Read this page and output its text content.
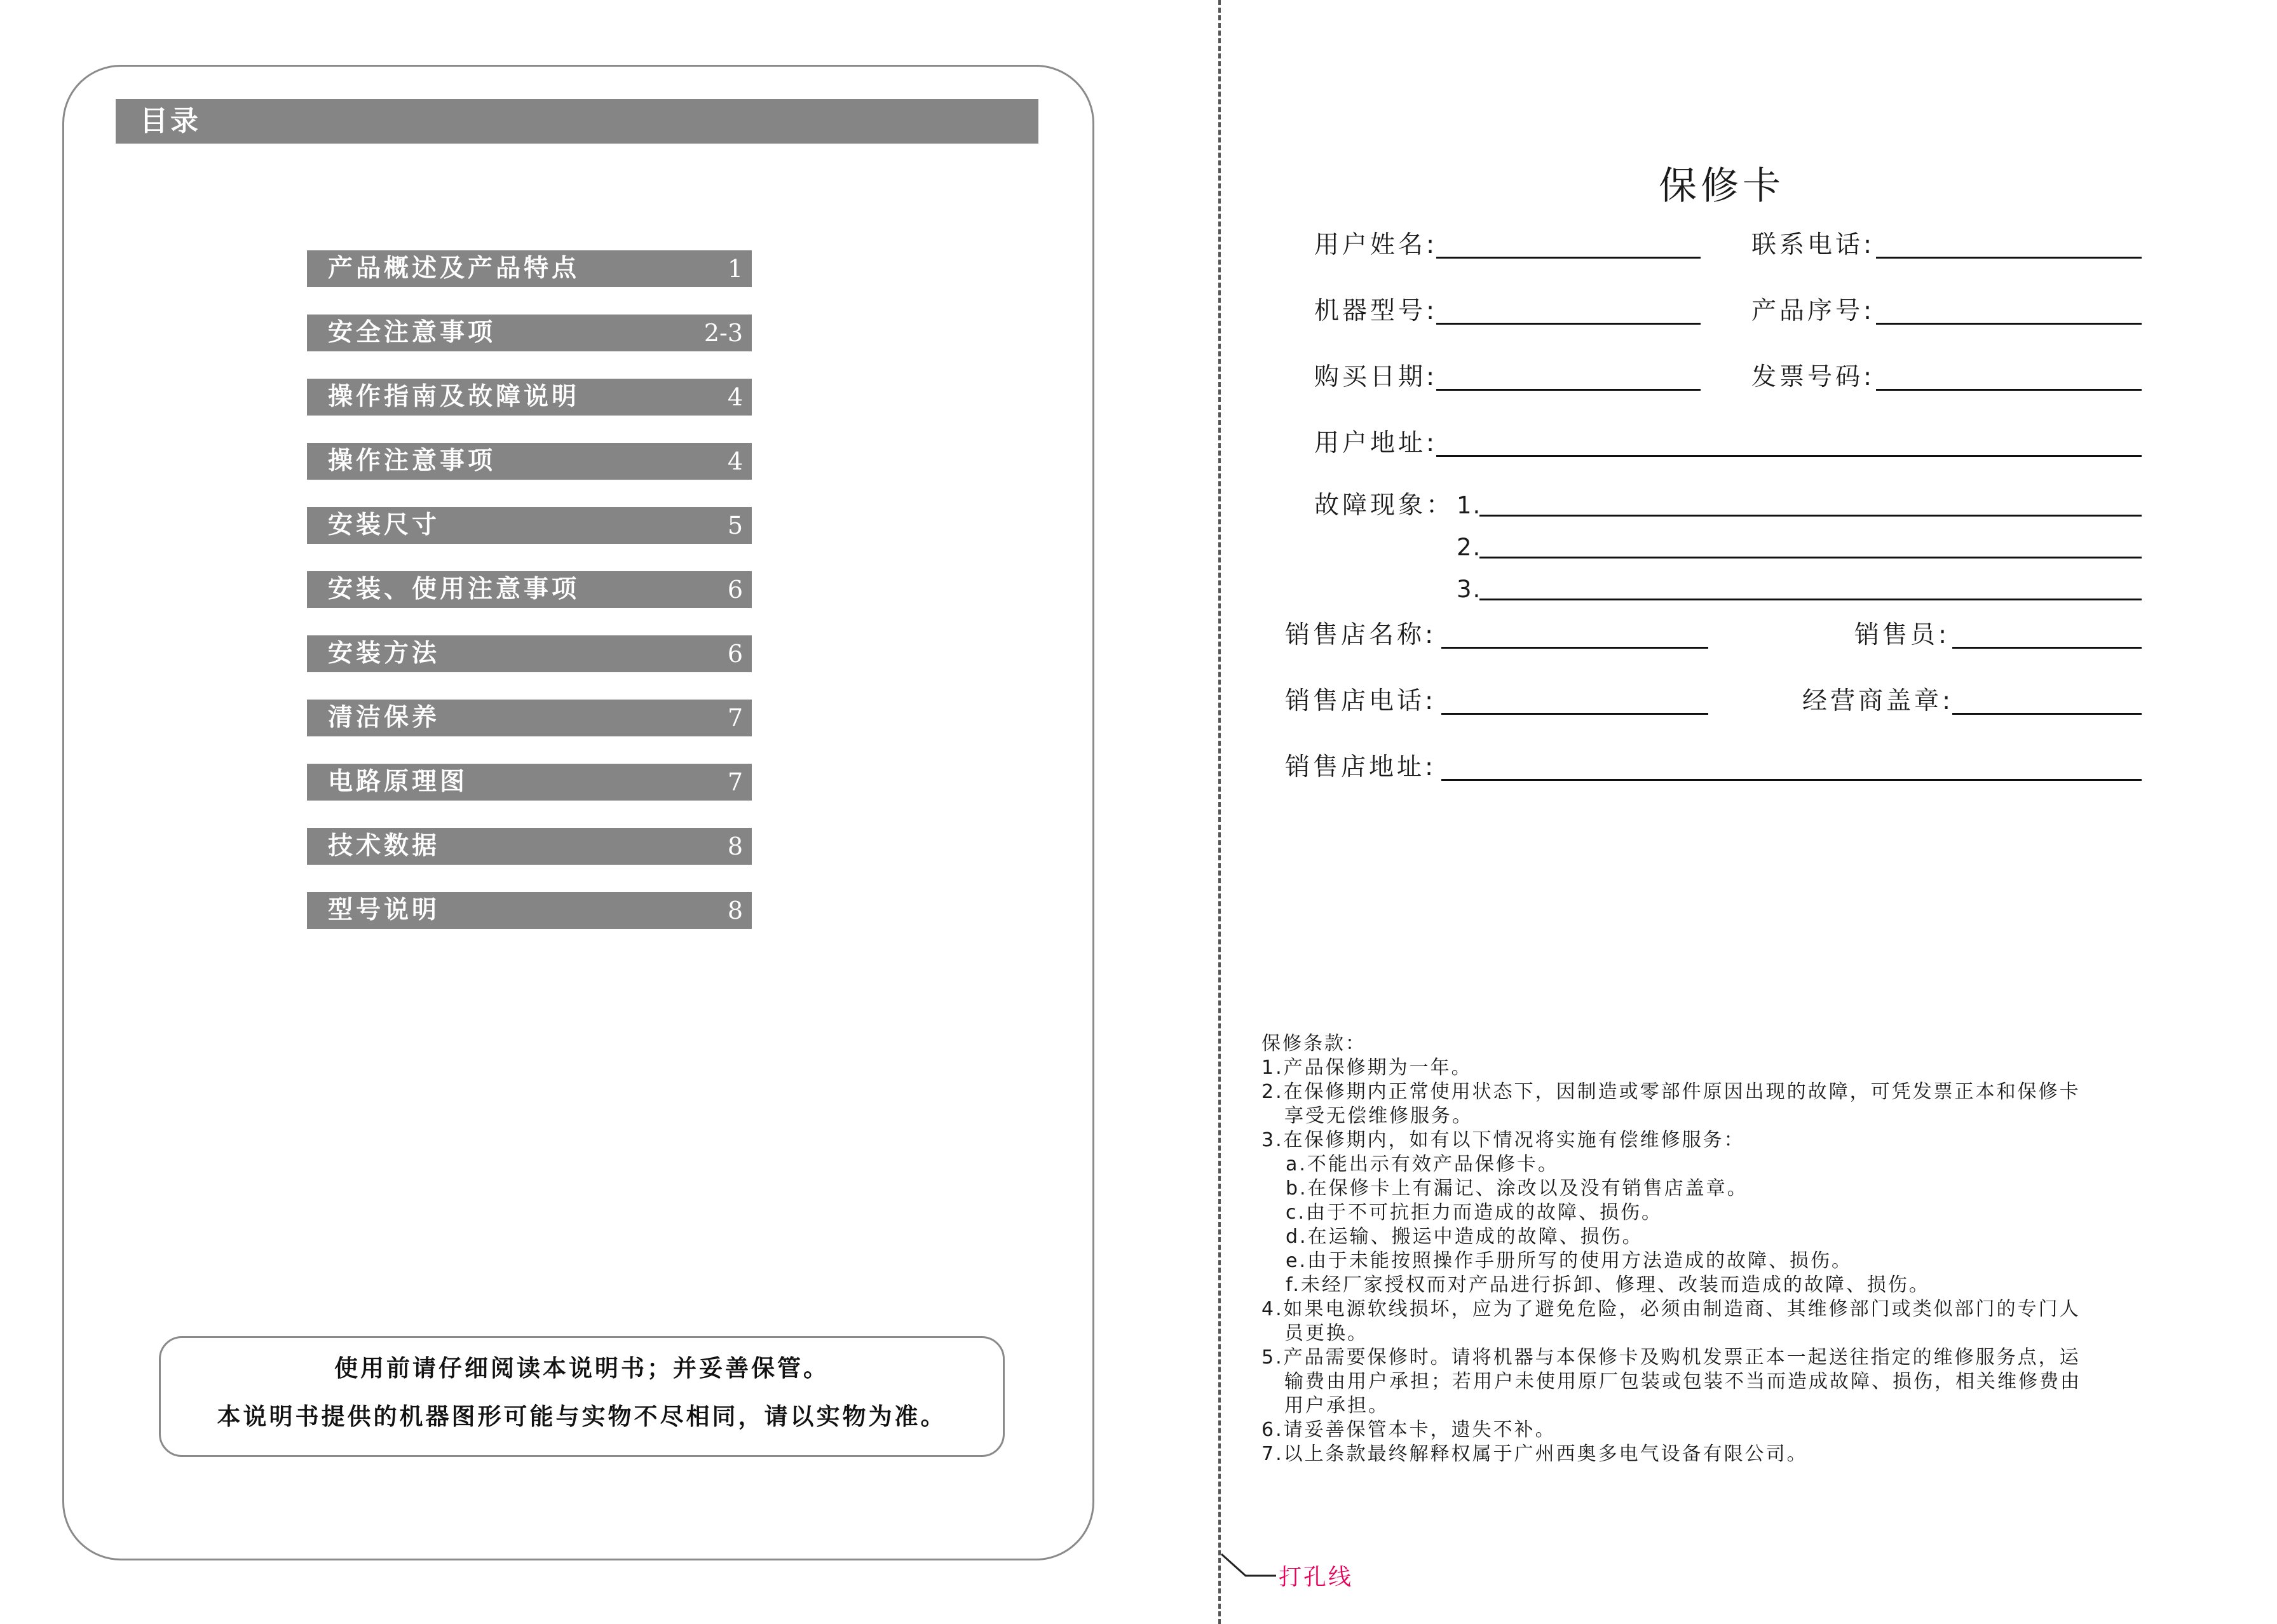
目录
产品概述及产品特点	1
安全注意事项	2-3
操作指南及故障说明	4
操作注意事项	4
安装尺寸	5
安装、使用注意事项	6
安装方法	6
清洁保养	7
电路原理图	7
技术数据	8
型号说明	8
使用前请仔细阅读本说明书；并妥善保管。
本说明书提供的机器图形可能与实物不尽相同，请以实物为准。
打孔线
保修卡
用户姓名:	联系电话:
机器型号:	产品序号:
购买日期:	发票号码:
用户地址:
故障现象： 1.
2.
3.
销售店名称:	销售员:
销售店电话:	经营商盖章:
销售店地址:
保修条款：
1.产品保修期为一年。
2.在保修期内正常使用状态下，因制造或零部件原因出现的故障，可凭发票正本和保修卡
享受无偿维修服务。
3.在保修期内，如有以下情况将实施有偿维修服务：
a.不能出示有效产品保修卡。
b.在保修卡上有漏记、涂改以及没有销售店盖章。
c.由于不可抗拒力而造成的故障、损伤。
d.在运输、搬运中造成的故障、损伤。
e.由于未能按照操作手册所写的使用方法造成的故障、损伤。
f.未经厂家授权而对产品进行拆卸、修理、改装而造成的故障、损伤。
4.如果电源软线损坏，应为了避免危险，必须由制造商、其维修部门或类似部门的专门人
员更换。
5.产品需要保修时。请将机器与本保修卡及购机发票正本一起送往指定的维修服务点，运
输费由用户承担；若用户未使用原厂包装或包装不当而造成故障、损伤，相关维修费由
用户承担。
6.请妥善保管本卡，遗失不补。
7.以上条款最终解释权属于广州西奥多电气设备有限公司。
